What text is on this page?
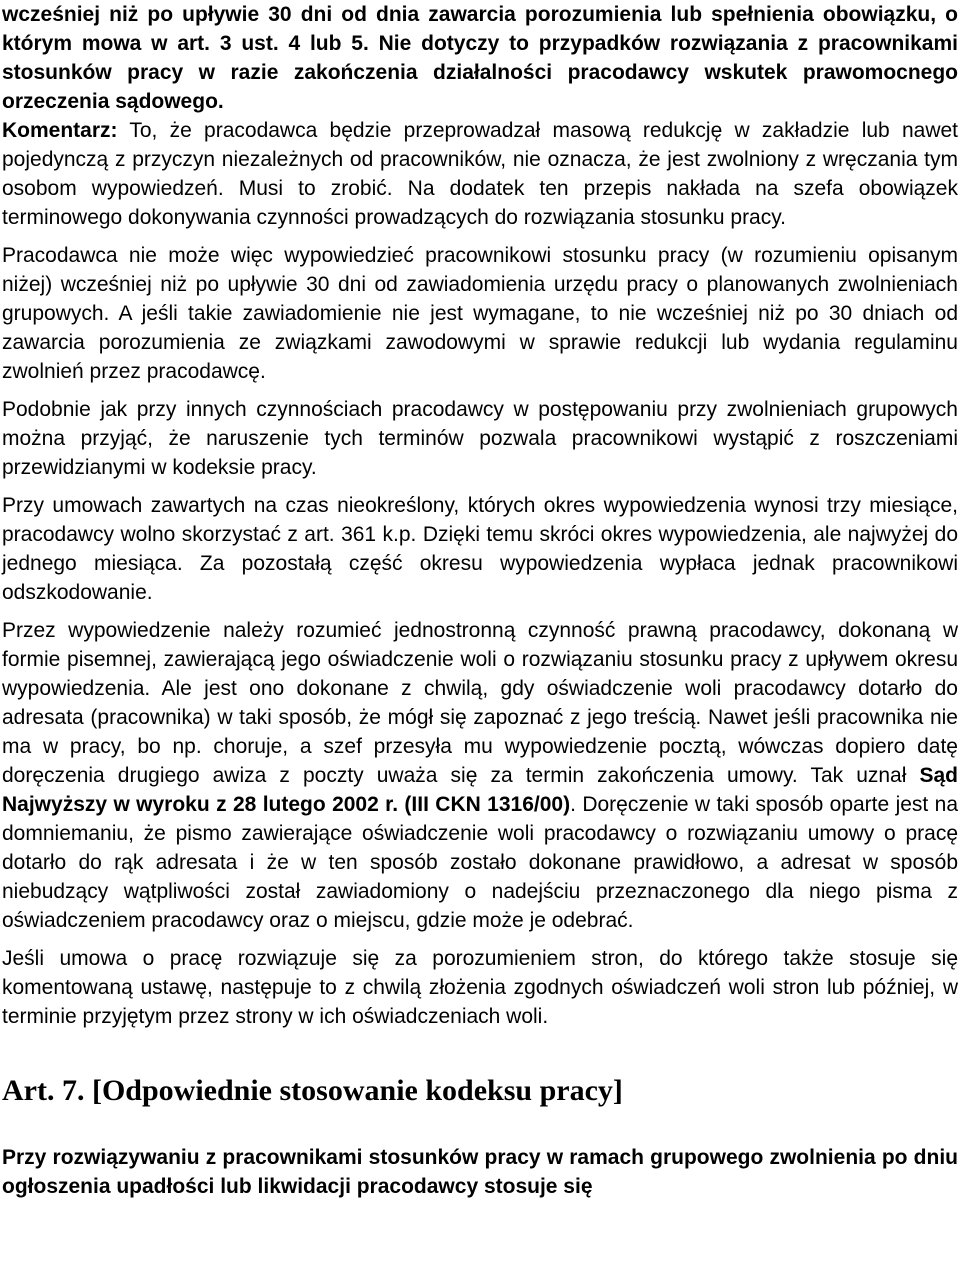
wcześniej niż po upływie 30 dni od dnia zawarcia porozumienia lub spełnienia obowiązku, o którym mowa w art. 3 ust. 4 lub 5. Nie dotyczy to przypadków rozwiązania z pracownikami stosunków pracy w razie zakończenia działalności pracodawcy wskutek prawomocnego orzeczenia sądowego.

Komentarz: To, że pracodawca będzie przeprowadzał masową redukcję w zakładzie lub nawet pojedynczą z przyczyn niezależnych od pracowników, nie oznacza, że jest zwolniony z wręczania tym osobom wypowiedzeń. Musi to zrobić. Na dodatek ten przepis nakłada na szefa obowiązek terminowego dokonywania czynności prowadzących do rozwiązania stosunku pracy.

Pracodawca nie może więc wypowiedzieć pracownikowi stosunku pracy (w rozumieniu opisanym niżej) wcześniej niż po upływie 30 dni od zawiadomienia urzędu pracy o planowanych zwolnieniach grupowych. A jeśli takie zawiadomienie nie jest wymagane, to nie wcześniej niż po 30 dniach od zawarcia porozumienia ze związkami zawodowymi w sprawie redukcji lub wydania regulaminu zwolnień przez pracodawcę.

Podobnie jak przy innych czynnościach pracodawcy w postępowaniu przy zwolnieniach grupowych można przyjąć, że naruszenie tych terminów pozwala pracownikowi wystąpić z roszczeniami przewidzianymi w kodeksie pracy.

Przy umowach zawartych na czas nieokreślony, których okres wypowiedzenia wynosi trzy miesiące, pracodawcy wolno skorzystać z art. 361 k.p. Dzięki temu skróci okres wypowiedzenia, ale najwyżej do jednego miesiąca. Za pozostałą część okresu wypowiedzenia wypłaca jednak pracownikowi odszkodowanie.

Przez wypowiedzenie należy rozumieć jednostronną czynność prawną pracodawcy, dokonaną w formie pisemnej, zawierającą jego oświadczenie woli o rozwiązaniu stosunku pracy z upływem okresu wypowiedzenia. Ale jest ono dokonane z chwilą, gdy oświadczenie woli pracodawcy dotarło do adresata (pracownika) w taki sposób, że mógł się zapoznać z jego treścią. Nawet jeśli pracownika nie ma w pracy, bo np. choruje, a szef przesyła mu wypowiedzenie pocztą, wówczas dopiero datę doręczenia drugiego awiza z poczty uważa się za termin zakończenia umowy. Tak uznał Sąd Najwyższy w wyroku z 28 lutego 2002 r. (III CKN 1316/00). Doręczenie w taki sposób oparte jest na domniemaniu, że pismo zawierające oświadczenie woli pracodawcy o rozwiązaniu umowy o pracę dotarło do rąk adresata i że w ten sposób zostało dokonane prawidłowo, a adresat w sposób niebudzący wątpliwości został zawiadomiony o nadejściu przeznaczonego dla niego pisma z oświadczeniem pracodawcy oraz o miejscu, gdzie może je odebrać.

Jeśli umowa o pracę rozwiązuje się za porozumieniem stron, do którego także stosuje się komentowaną ustawę, następuje to z chwilą złożenia zgodnych oświadczeń woli stron lub później, w terminie przyjętym przez strony w ich oświadczeniach woli.

Art. 7. [Odpowiednie stosowanie kodeksu pracy]

Przy rozwiązywaniu z pracownikami stosunków pracy w ramach grupowego zwolnienia po dniu ogłoszenia upadłości lub likwidacji pracodawcy stosuje się
